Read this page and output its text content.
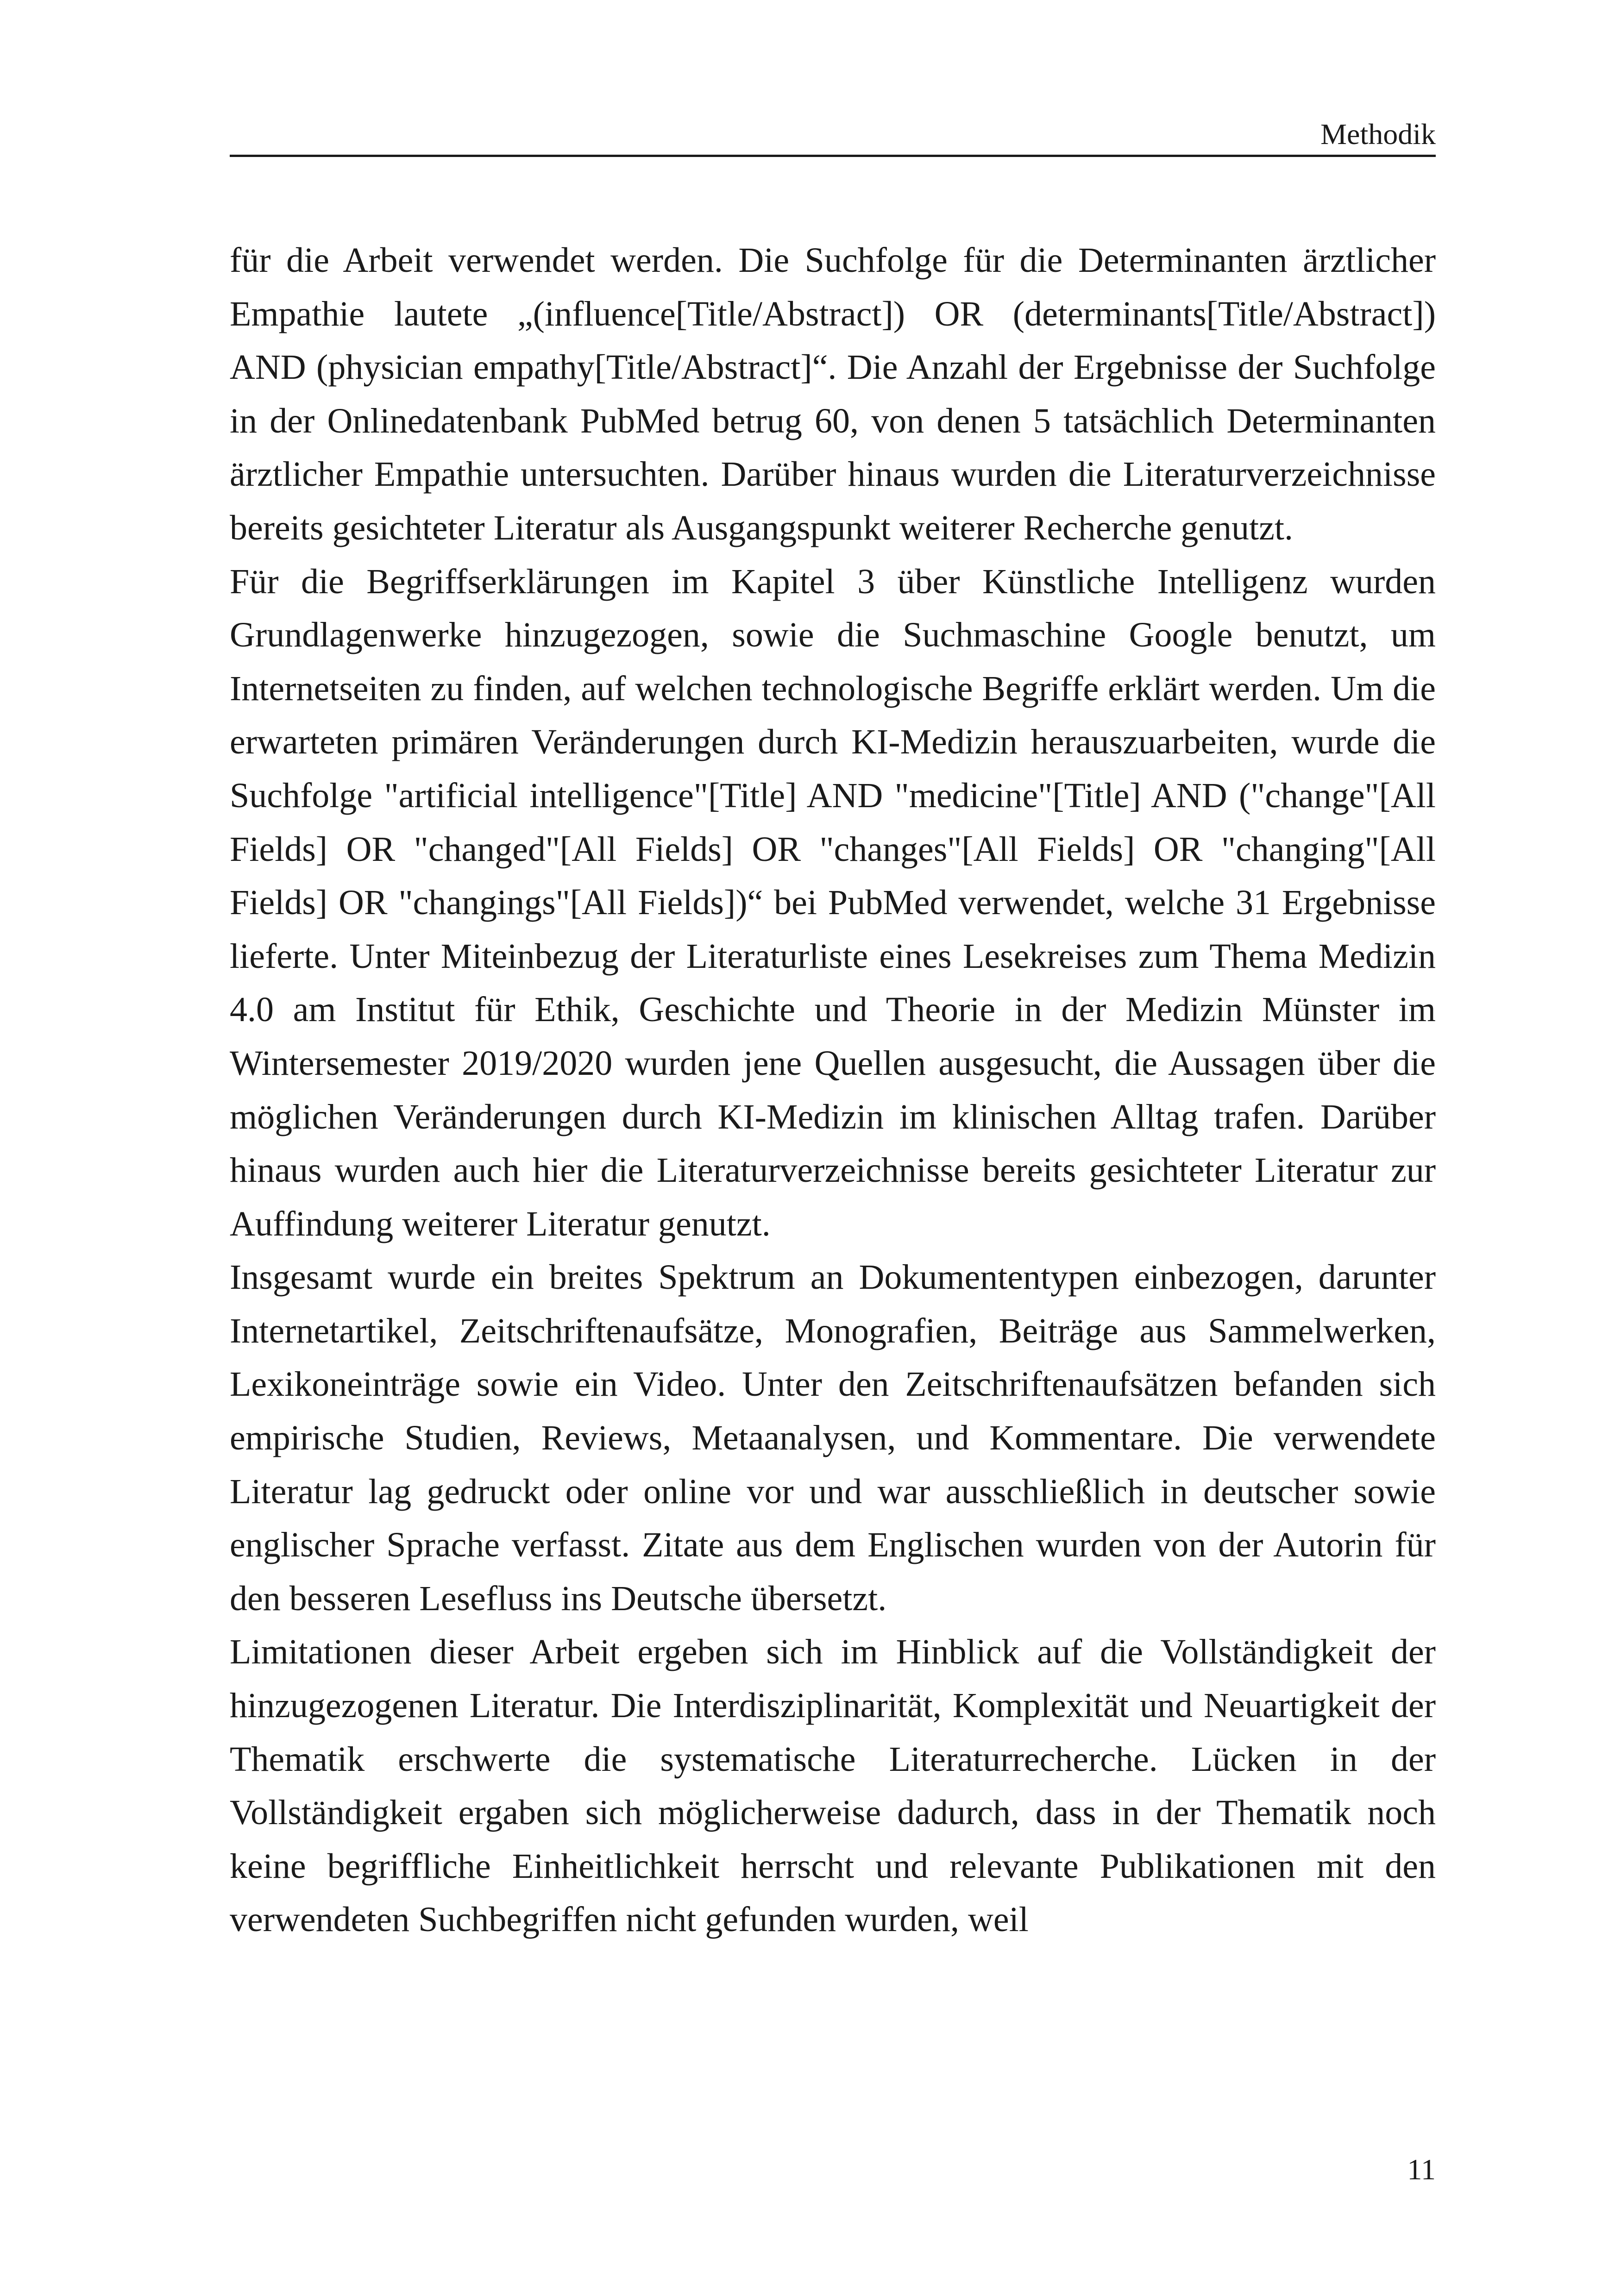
Methodik

für die Arbeit verwendet werden. Die Suchfolge für die Determinanten ärztlicher Empathie lautete „(influence[Title/Abstract]) OR (determinants[Title/Abstract]) AND (physician empathy[Title/Abstract]“. Die Anzahl der Ergebnisse der Suchfolge in der Onlinedatenbank PubMed betrug 60, von denen 5 tatsächlich Determinanten ärztlicher Empathie untersuchten. Darüber hinaus wurden die Literaturverzeichnisse bereits gesichteter Literatur als Ausgangspunkt weiterer Recherche genutzt.

Für die Begriffserklärungen im Kapitel 3 über Künstliche Intelligenz wurden Grundlagenwerke hinzugezogen, sowie die Suchmaschine Google benutzt, um Internetseiten zu finden, auf welchen technologische Begriffe erklärt werden. Um die erwarteten primären Veränderungen durch KI-Medizin herauszuarbeiten, wurde die Suchfolge "artificial intelligence"[Title] AND "medicine"[Title] AND ("change"[All Fields] OR "changed"[All Fields] OR "changes"[All Fields] OR "changing"[All Fields] OR "changings"[All Fields])“ bei PubMed verwendet, welche 31 Ergebnisse lieferte. Unter Miteinbezug der Literaturliste eines Lesekreises zum Thema Medizin 4.0 am Institut für Ethik, Geschichte und Theorie in der Medizin Münster im Wintersemester 2019/2020 wurden jene Quellen ausgesucht, die Aussagen über die möglichen Veränderungen durch KI-Medizin im klinischen Alltag trafen. Darüber hinaus wurden auch hier die Literaturverzeichnisse bereits gesichteter Literatur zur Auffindung weiterer Literatur genutzt.

Insgesamt wurde ein breites Spektrum an Dokumententypen einbezogen, darunter Internetartikel, Zeitschriftenaufsätze, Monografien, Beiträge aus Sammelwerken, Lexikoneinträge sowie ein Video. Unter den Zeitschriftenaufsätzen befanden sich empirische Studien, Reviews, Metaanalysen, und Kommentare. Die verwendete Literatur lag gedruckt oder online vor und war ausschließlich in deutscher sowie englischer Sprache verfasst. Zitate aus dem Englischen wurden von der Autorin für den besseren Lesefluss ins Deutsche übersetzt.

Limitationen dieser Arbeit ergeben sich im Hinblick auf die Vollständigkeit der hinzugezogenen Literatur. Die Interdisziplinarität, Komplexität und Neuartigkeit der Thematik erschwerte die systematische Literaturrecherche. Lücken in der Vollständigkeit ergaben sich möglicherweise dadurch, dass in der Thematik noch keine begriffliche Einheitlichkeit herrscht und relevante Publikationen mit den verwendeten Suchbegriffen nicht gefunden wurden, weil

11
